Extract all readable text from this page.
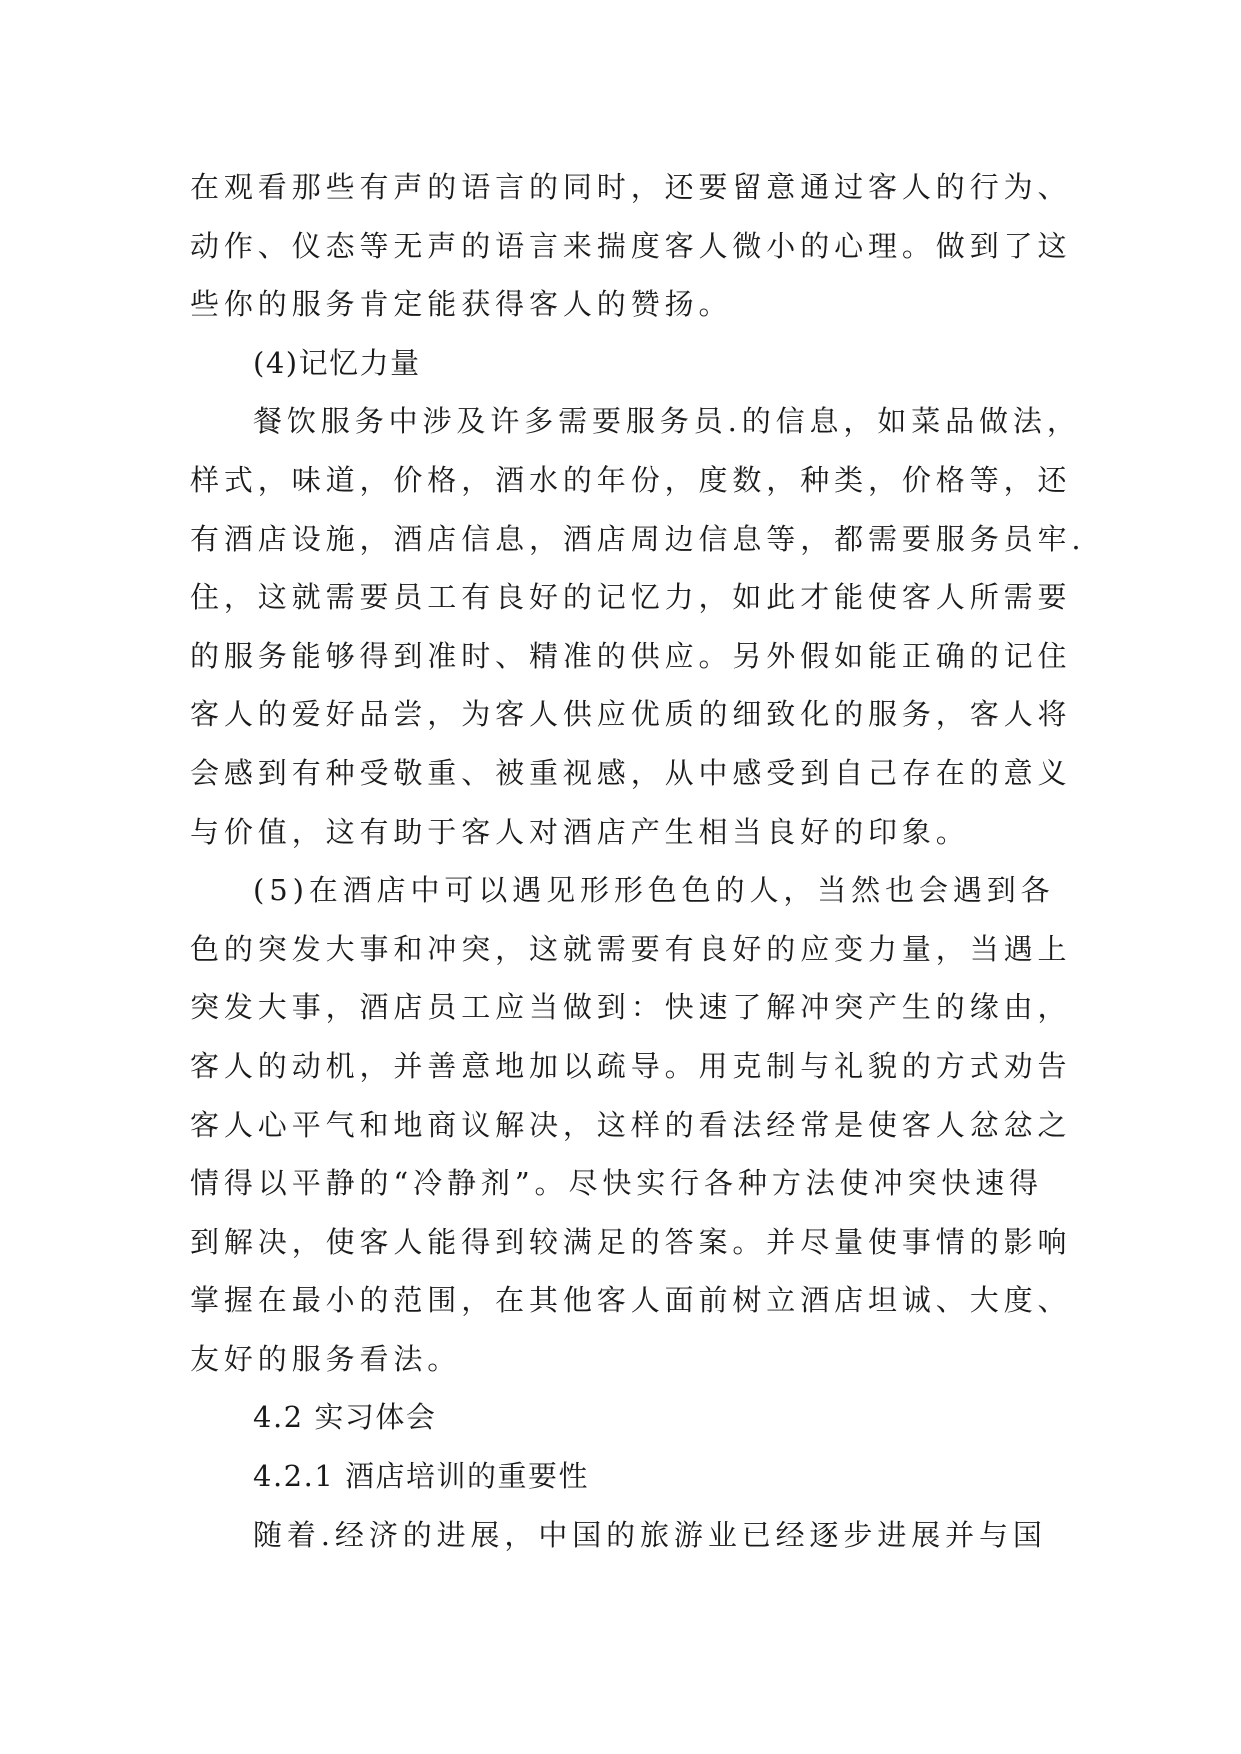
在观看那些有声的语言的同时，还要留意通过客人的行为、
动作、仪态等无声的语言来揣度客人微小的心理。做到了这
些你的服务肯定能获得客人的赞扬。
(4)记忆力量
餐饮服务中涉及许多需要服务员.的信息，如菜品做法，
样式，味道，价格，酒水的年份，度数，种类，价格等，还
有酒店设施，酒店信息，酒店周边信息等，都需要服务员牢.
住，这就需要员工有良好的记忆力，如此才能使客人所需要
的服务能够得到准时、精准的供应。另外假如能正确的记住
客人的爱好品尝，为客人供应优质的细致化的服务，客人将
会感到有种受敬重、被重视感，从中感受到自己存在的意义
与价值，这有助于客人对酒店产生相当良好的印象。
(5)在酒店中可以遇见形形色色的人，当然也会遇到各
色的突发大事和冲突，这就需要有良好的应变力量，当遇上
突发大事，酒店员工应当做到：快速了解冲突产生的缘由，
客人的动机，并善意地加以疏导。用克制与礼貌的方式劝告
客人心平气和地商议解决，这样的看法经常是使客人忿忿之
情得以平静的“冷静剂”。尽快实行各种方法使冲突快速得
到解决，使客人能得到较满足的答案。并尽量使事情的影响
掌握在最小的范围，在其他客人面前树立酒店坦诚、大度、
友好的服务看法。
4.2 实习体会
4.2.1 酒店培训的重要性
随着.经济的进展，中国的旅游业已经逐步进展并与国
